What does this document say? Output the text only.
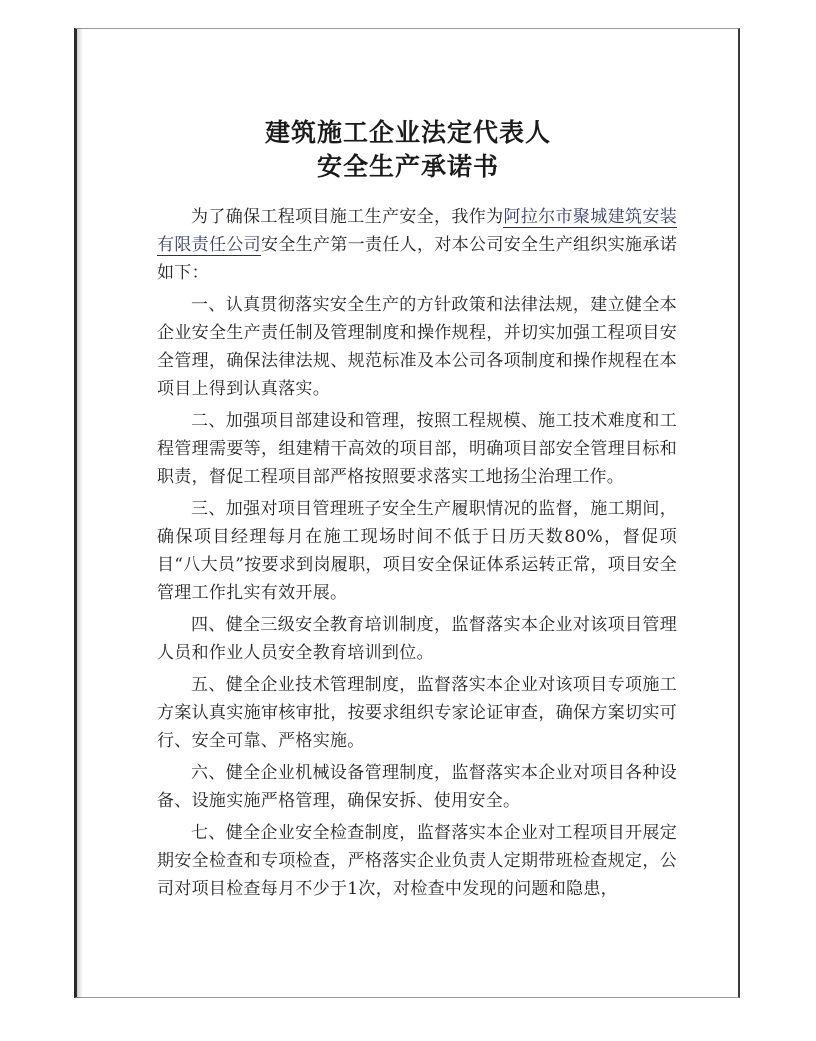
建筑施工企业法定代表人
安全生产承诺书

为了确保工程项目施工生产安全，我作为阿拉尔市聚城建筑安装有限责任公司安全生产第一责任人，对本公司安全生产组织实施承诺如下：

一、认真贯彻落实安全生产的方针政策和法律法规，建立健全本企业安全生产责任制及管理制度和操作规程，并切实加强工程项目安全管理，确保法律法规、规范标准及本公司各项制度和操作规程在本项目上得到认真落实。

二、加强项目部建设和管理，按照工程规模、施工技术难度和工程管理需要等，组建精干高效的项目部，明确项目部安全管理目标和职责，督促工程项目部严格按照要求落实工地扬尘治理工作。

三、加强对项目管理班子安全生产履职情况的监督，施工期间，确保项目经理每月在施工现场时间不低于日历天数80%，督促项目“八大员”按要求到岗履职，项目安全保证体系运转正常，项目安全管理工作扎实有效开展。

四、健全三级安全教育培训制度，监督落实本企业对该项目管理人员和作业人员安全教育培训到位。

五、健全企业技术管理制度，监督落实本企业对该项目专项施工方案认真实施审核审批，按要求组织专家论证审查，确保方案切实可行、安全可靠、严格实施。

六、健全企业机械设备管理制度，监督落实本企业对项目各种设备、设施实施严格管理，确保安拆、使用安全。

七、健全企业安全检查制度，监督落实本企业对工程项目开展定期安全检查和专项检查，严格落实企业负责人定期带班检查规定，公司对项目检查每月不少于1次，对检查中发现的问题和隐患，
